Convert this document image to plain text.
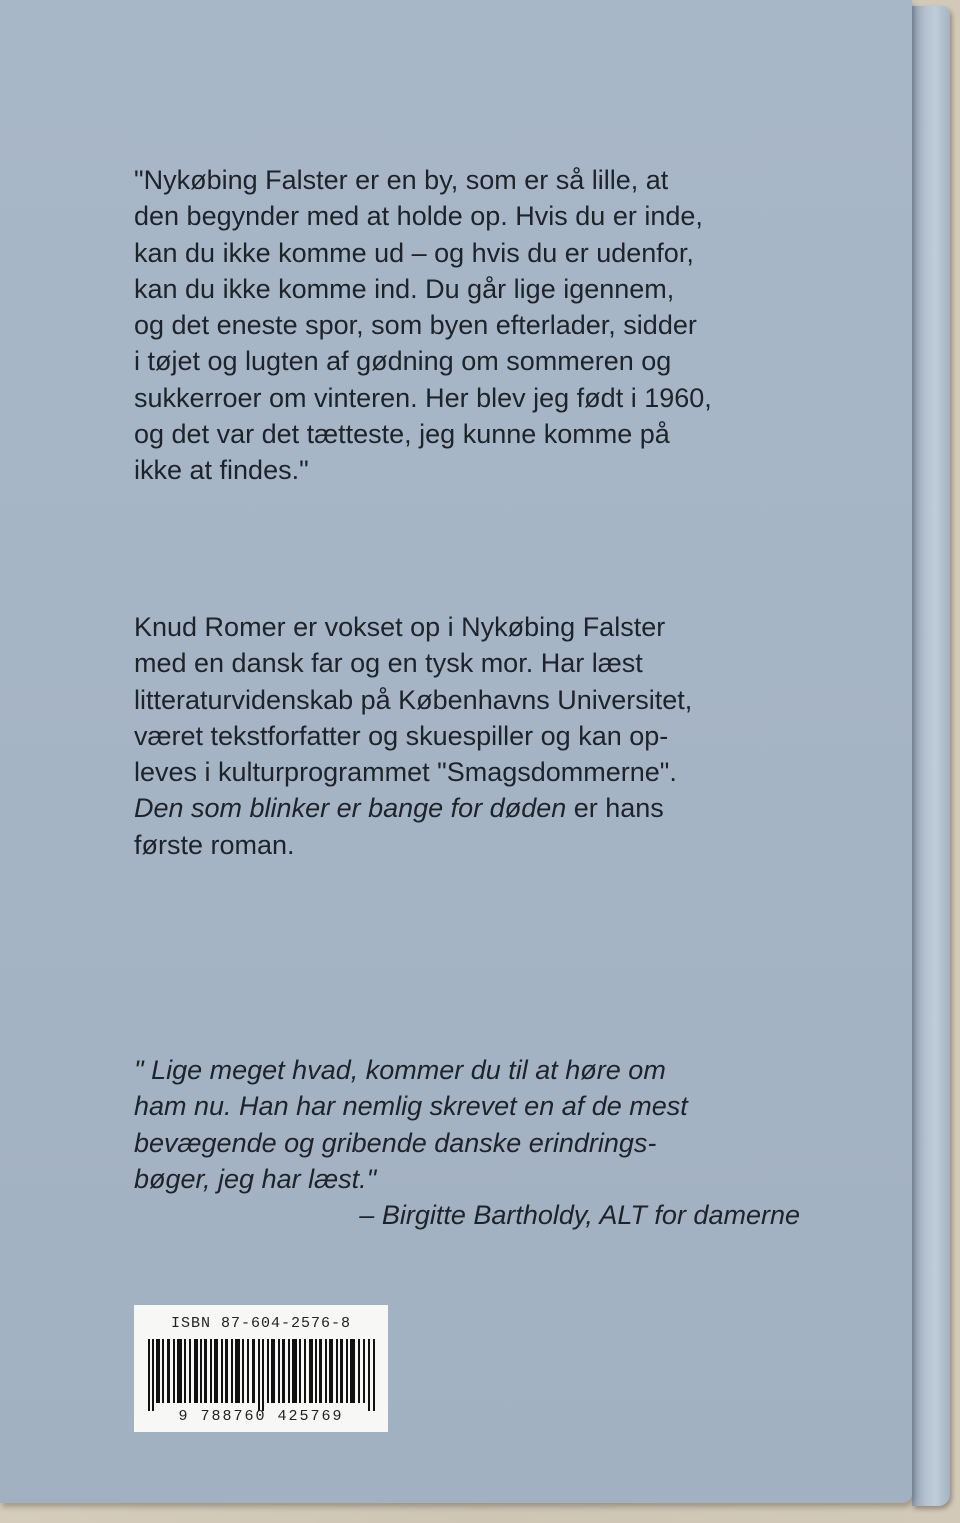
"Nykøbing Falster er en by, som er så lille, at
den begynder med at holde op. Hvis du er inde,
kan du ikke komme ud – og hvis du er udenfor,
kan du ikke komme ind. Du går lige igennem,
og det eneste spor, som byen efterlader, sidder
i tøjet og lugten af gødning om sommeren og
sukkerroer om vinteren. Her blev jeg født i 1960,
og det var det tætteste, jeg kunne komme på
ikke at findes."

Knud Romer er vokset op i Nykøbing Falster
med en dansk far og en tysk mor. Har læst
litteraturvidenskab på Københavns Universitet,
været tekstforfatter og skuespiller og kan op-
leves i kulturprogrammet "Smagsdommerne".
Den som blinker er bange for døden er hans
første roman.

" Lige meget hvad, kommer du til at høre om
ham nu. Han har nemlig skrevet en af de mest
bevægende og gribende danske erindrings-
bøger, jeg har læst."

– Birgitte Bartholdy, ALT for damerne

ISBN 87-604-2576-8
9 788760 425769
